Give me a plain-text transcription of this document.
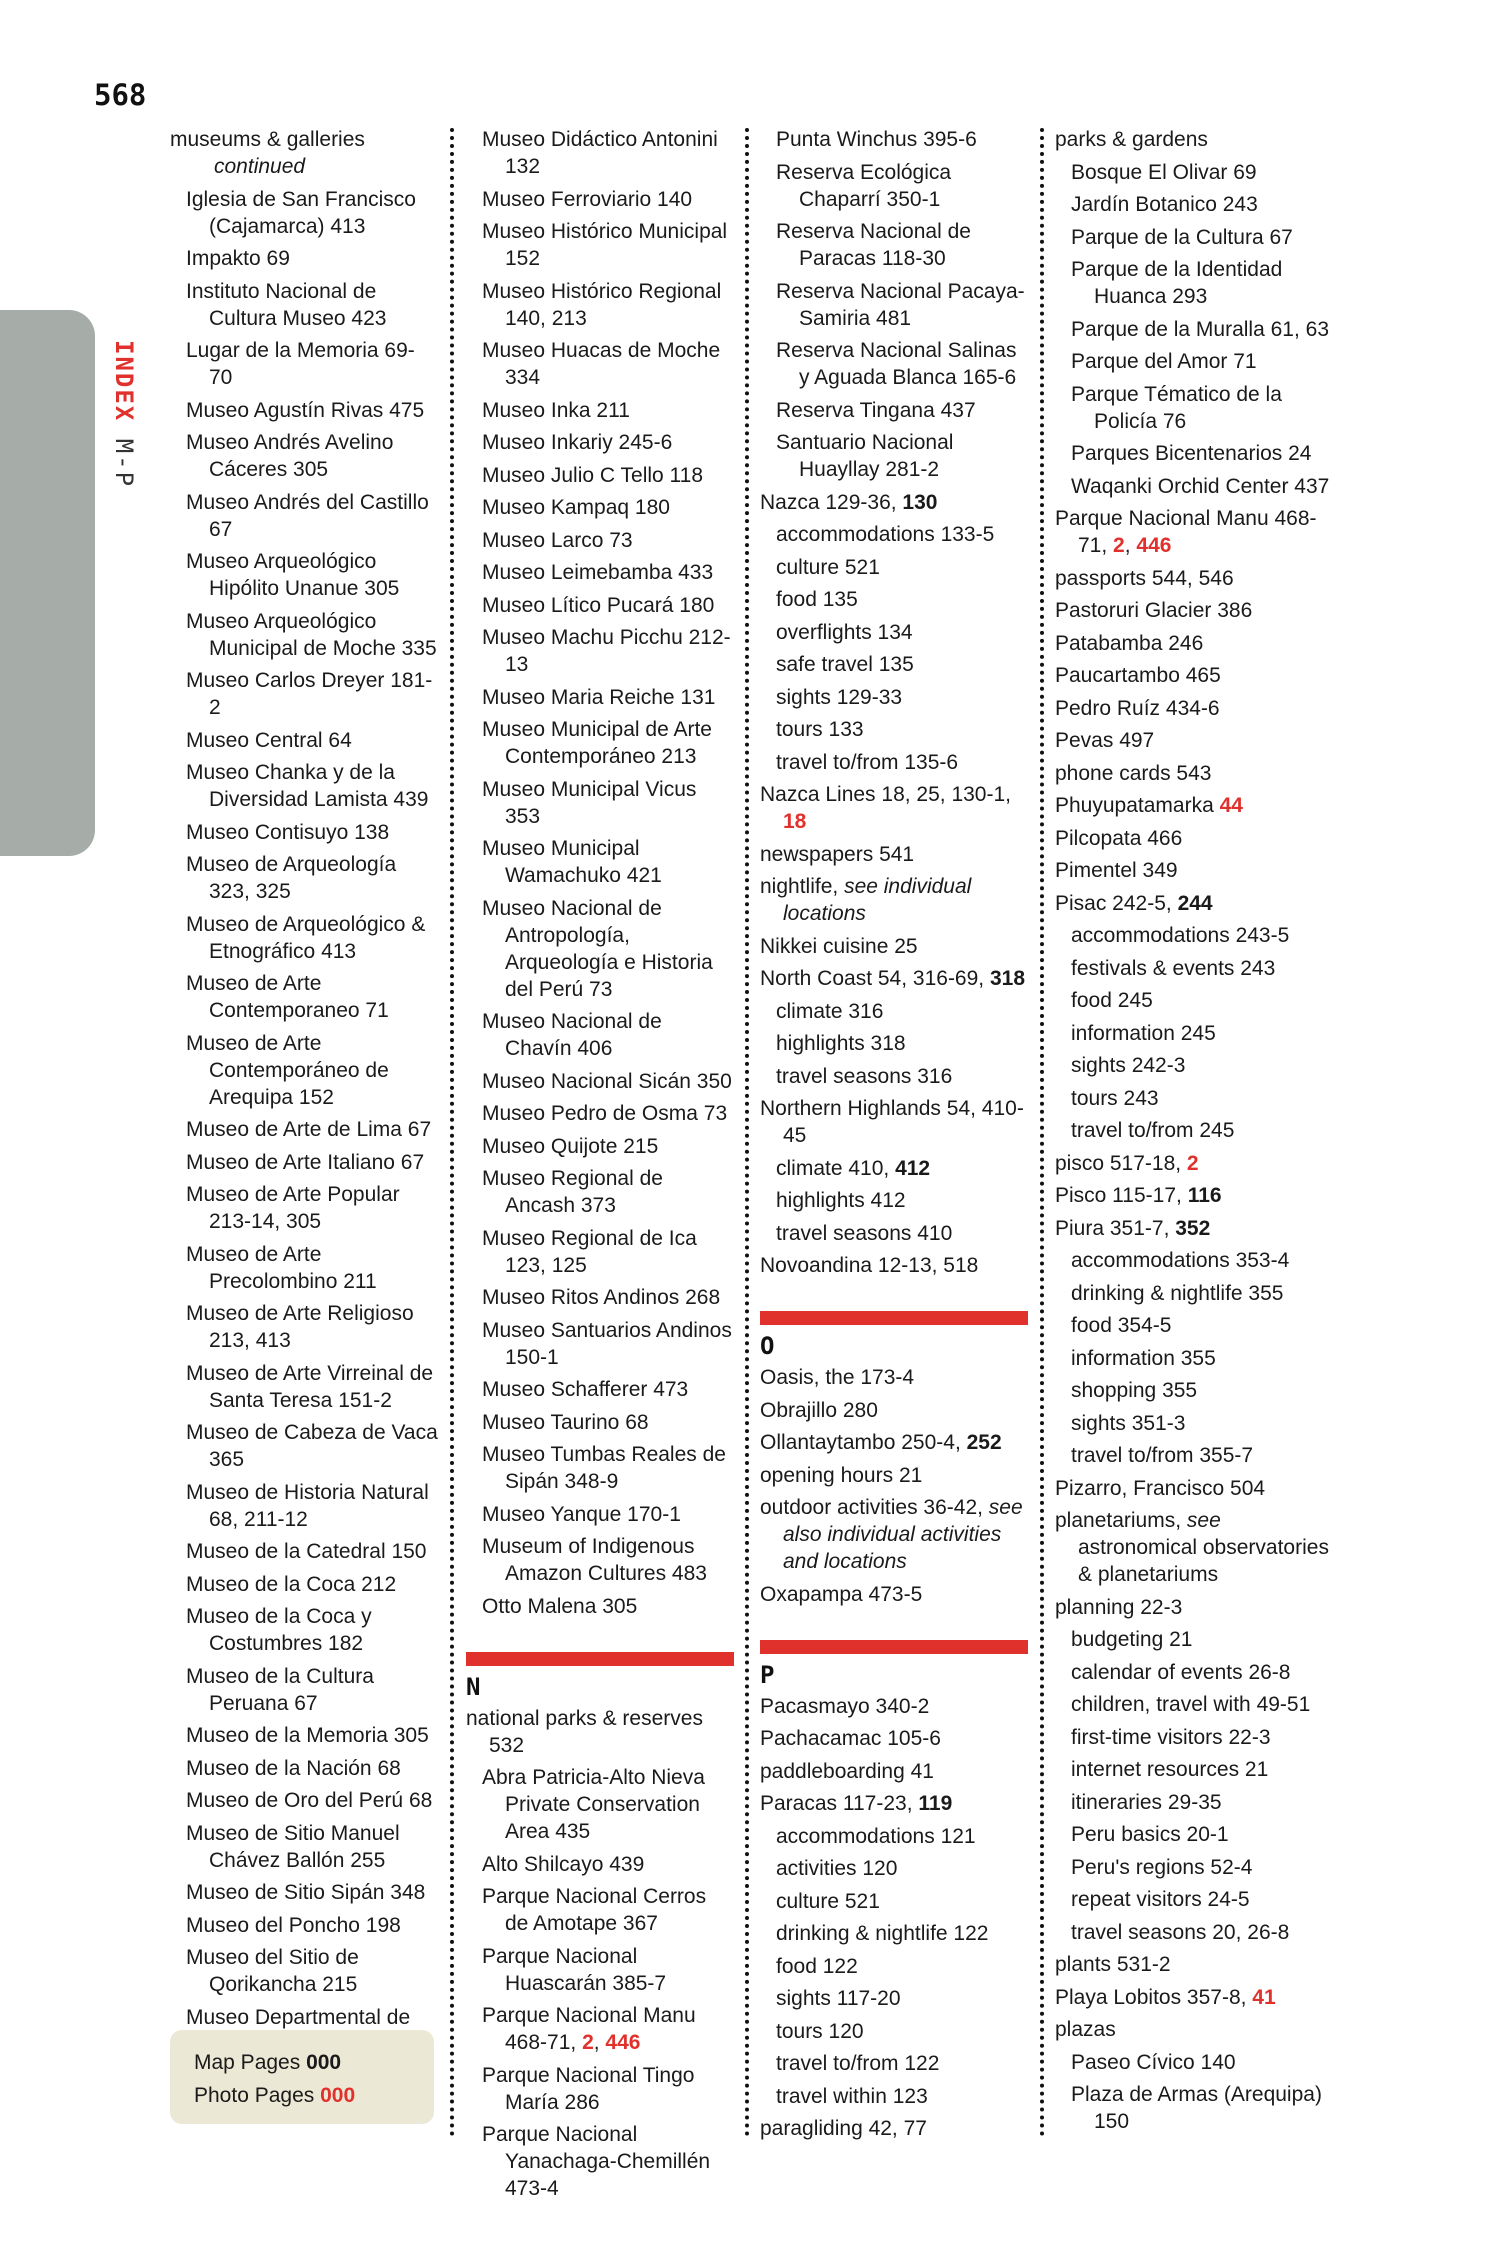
568
INDEX M-P
museums & galleries
continued
Iglesia de San Francisco (Cajamarca) 413
Impakto 69
Instituto Nacional de Cultura Museo 423
Lugar de la Memoria 69-70
Museo Agustín Rivas 475
Museo Andrés Avelino Cáceres 305
Museo Andrés del Castillo 67
Museo Arqueológico Hipólito Unanue 305
Museo Arqueológico Municipal de Moche 335
Museo Carlos Dreyer 181-2
Museo Central 64
Museo Chanka y de la Diversidad Lamista 439
Museo Contisuyo 138
Museo de Arqueología 323, 325
Museo de Arqueológico & Etnográfico 413
Museo de Arte Contemporaneo 71
Museo de Arte Contemporáneo de Arequipa 152
Museo de Arte de Lima 67
Museo de Arte Italiano 67
Museo de Arte Popular 213-14, 305
Museo de Arte Precolombino 211
Museo de Arte Religioso 213, 413
Museo de Arte Virreinal de Santa Teresa 151-2
Museo de Cabeza de Vaca 365
Museo de Historia Natural 68, 211-12
Museo de la Catedral 150
Museo de la Coca 212
Museo de la Coca y Costumbres 182
Museo de la Cultura Peruana 67
Museo de la Memoria 305
Museo de la Nación 68
Museo de Oro del Perú 68
Museo de Sitio Manuel Chávez Ballón 255
Museo de Sitio Sipán 348
Museo del Poncho 198
Museo del Sitio de Qorikancha 215
Museo Departmental de
Museo Didáctico Antonini 132
Museo Ferroviario 140
Museo Histórico Municipal 152
Museo Histórico Regional 140, 213
Museo Huacas de Moche 334
Museo Inka 211
Museo Inkariy 245-6
Museo Julio C Tello 118
Museo Kampaq 180
Museo Larco 73
Museo Leimebamba 433
Museo Lítico Pucará 180
Museo Machu Picchu 212-13
Museo Maria Reiche 131
Museo Municipal de Arte Contemporáneo 213
Museo Municipal Vicus 353
Museo Municipal Wamachuko 421
Museo Nacional de Antropología, Arqueología e Historia del Perú 73
Museo Nacional de Chavín 406
Museo Nacional Sicán 350
Museo Pedro de Osma 73
Museo Quijote 215
Museo Regional de Ancash 373
Museo Regional de Ica 123, 125
Museo Ritos Andinos 268
Museo Santuarios Andinos 150-1
Museo Schafferer 473
Museo Taurino 68
Museo Tumbas Reales de Sipán 348-9
Museo Yanque 170-1
Museum of Indigenous Amazon Cultures 483
Otto Malena 305
N
national parks & reserves 532
Abra Patricia-Alto Nieva Private Conservation Area 435
Alto Shilcayo 439
Parque Nacional Cerros de Amotape 367
Parque Nacional Huascarán 385-7
Parque Nacional Manu 468-71, 2, 446
Parque Nacional Tingo María 286
Parque Nacional Yanachaga-Chemillén 473-4
Punta Winchus 395-6
Reserva Ecológica Chaparrí 350-1
Reserva Nacional de Paracas 118-30
Reserva Nacional Pacaya-Samiria 481
Reserva Nacional Salinas y Aguada Blanca 165-6
Reserva Tingana 437
Santuario Nacional Huayllay 281-2
Nazca 129-36, 130
accommodations 133-5
culture 521
food 135
overflights 134
safe travel 135
sights 129-33
tours 133
travel to/from 135-6
Nazca Lines 18, 25, 130-1, 18
newspapers 541
nightlife, see individual locations
Nikkei cuisine 25
North Coast 54, 316-69, 318
climate 316
highlights 318
travel seasons 316
Northern Highlands 54, 410-45
climate 410, 412
highlights 412
travel seasons 410
Novoandina 12-13, 518
O
Oasis, the 173-4
Obrajillo 280
Ollantaytambo 250-4, 252
opening hours 21
outdoor activities 36-42, see also individual activities and locations
Oxapampa 473-5
P
Pacasmayo 340-2
Pachacamac 105-6
paddleboarding 41
Paracas 117-23, 119
accommodations 121
activities 120
culture 521
drinking & nightlife 122
food 122
sights 117-20
tours 120
travel to/from 122
travel within 123
paragliding 42, 77
parks & gardens
Bosque El Olivar 69
Jardín Botanico 243
Parque de la Cultura 67
Parque de la Identidad Huanca 293
Parque de la Muralla 61, 63
Parque del Amor 71
Parque Tématico de la Policía 76
Parques Bicentenarios 24
Waqanki Orchid Center 437
Parque Nacional Manu 468-71, 2, 446
passports 544, 546
Pastoruri Glacier 386
Patabamba 246
Paucartambo 465
Pedro Ruíz 434-6
Pevas 497
phone cards 543
Phuyupatamarka 44
Pilcopata 466
Pimentel 349
Pisac 242-5, 244
accommodations 243-5
festivals & events 243
food 245
information 245
sights 242-3
tours 243
travel to/from 245
pisco 517-18, 2
Pisco 115-17, 116
Piura 351-7, 352
accommodations 353-4
drinking & nightlife 355
food 354-5
information 355
shopping 355
sights 351-3
travel to/from 355-7
Pizarro, Francisco 504
planetariums, see astronomical observatories & planetariums
planning 22-3
budgeting 21
calendar of events 26-8
children, travel with 49-51
first-time visitors 22-3
internet resources 21
itineraries 29-35
Peru basics 20-1
Peru's regions 52-4
repeat visitors 24-5
travel seasons 20, 26-8
plants 531-2
Playa Lobitos 357-8, 41
plazas
Paseo Cívico 140
Plaza de Armas (Arequipa) 150
Map Pages 000
Photo Pages 000
